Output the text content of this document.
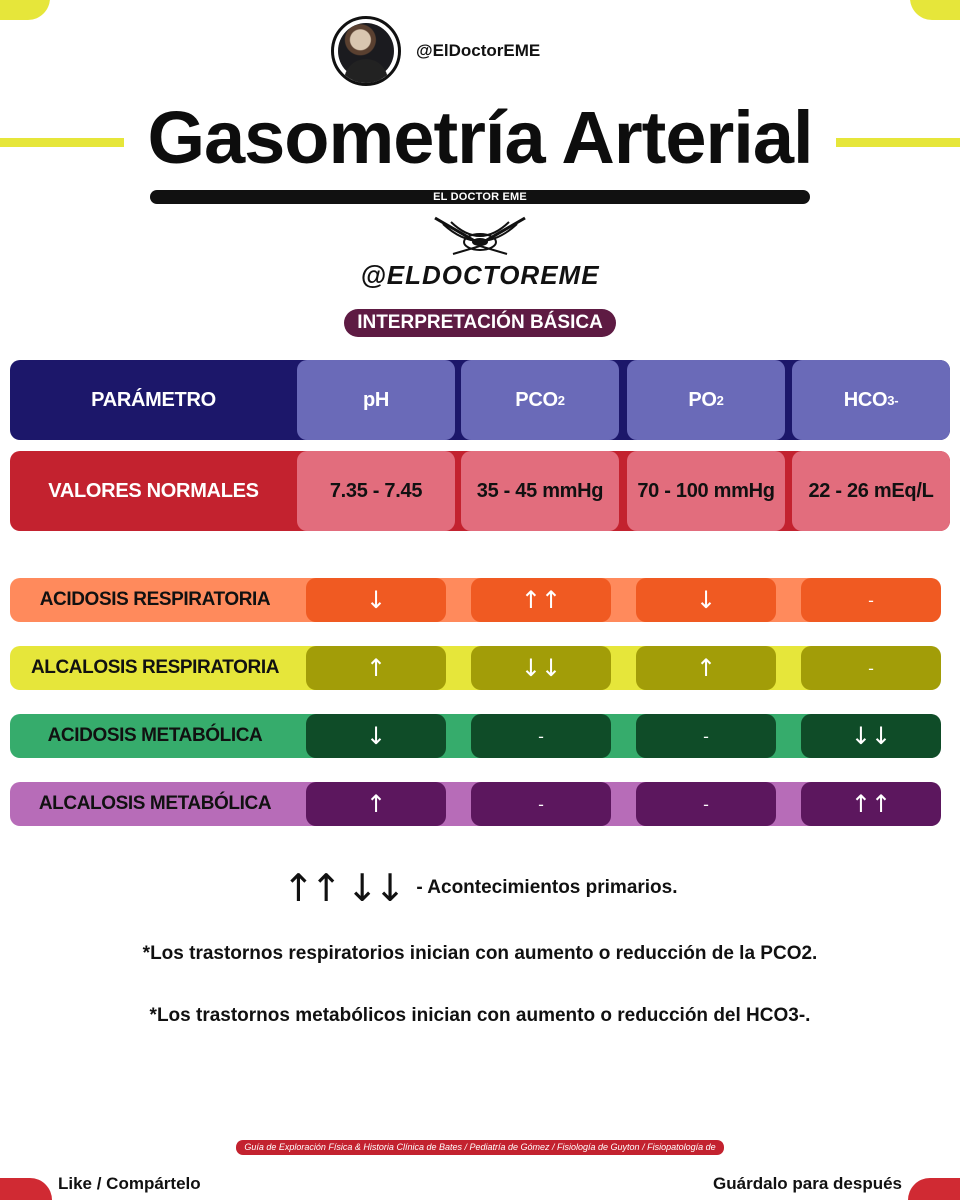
@ElDoctorEME
Gasometría Arterial
EL DOCTOR EME
@ELDOCTOREME
INTERPRETACIÓN BÁSICA
PARÁMETRO	pH	PCO 2	PO 2	HCO 3-
VALORES NORMALES	7.35 - 7.45	35 - 45 mmHg	70 - 100 mmHg	22 - 26 mEq/L
ACIDOSIS RESPIRATORIA	↓	↑↑	↓	-
ALCALOSIS RESPIRATORIA	↑	↓↓	↑	-
ACIDOSIS METABÓLICA	↓	-	-	↓↓
ALCALOSIS METABÓLICA	↑	-	-	↑↑
↑↑ ↓↓ - Acontecimientos primarios.

*Los trastornos respiratorios inician con aumento o reducción de la PCO2.

*Los trastornos metabólicos inician con aumento o reducción del HCO3-.

Guía de Exploración Física & Historia Clínica de Bates / Pediatría de Gómez / Fisiología de Guyton / Fisiopatología de Porth
Like / Compártelo	Guárdalo para después
